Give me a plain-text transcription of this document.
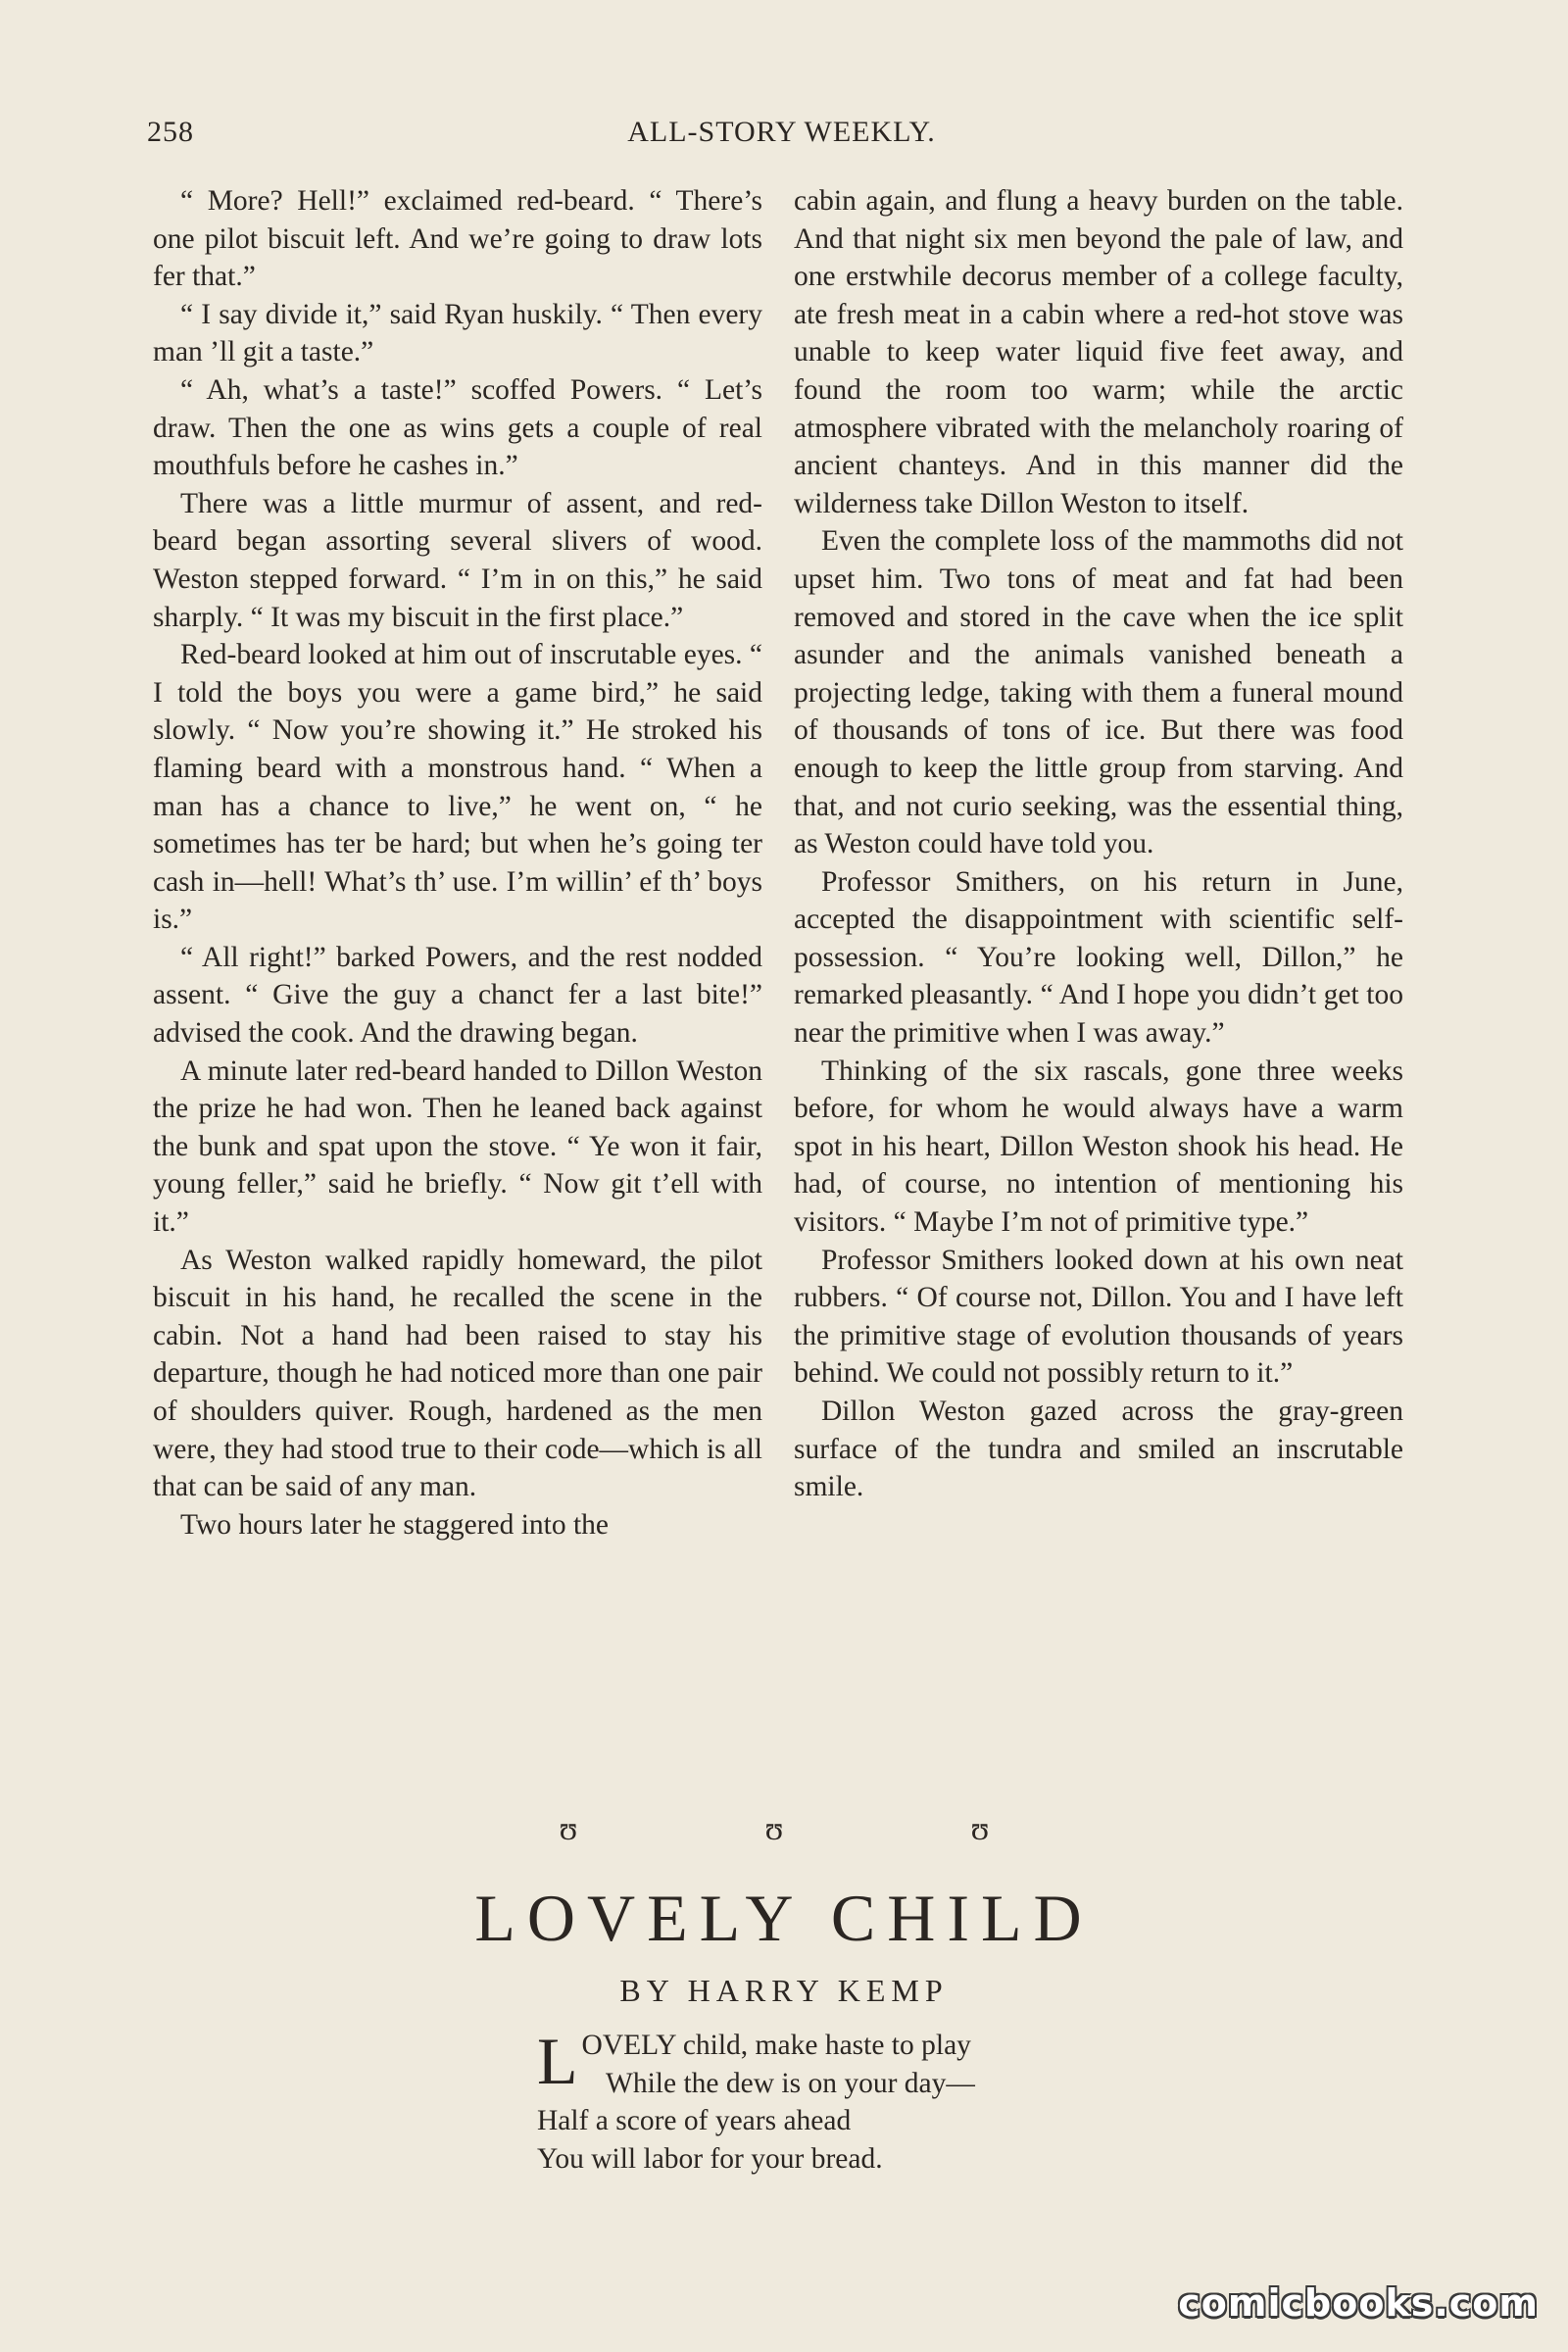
258	ALL-STORY WEEKLY.

“ More? Hell!” exclaimed red-beard. “ There’s one pilot biscuit left. And we’re going to draw lots fer that.”

“ I say divide it,” said Ryan huskily. “ Then every man ’ll git a taste.”

“ Ah, what’s a taste!” scoffed Powers. “ Let’s draw. Then the one as wins gets a couple of real mouthfuls before he cashes in.”

There was a little murmur of assent, and red-beard began assorting several slivers of wood. Weston stepped forward. “ I’m in on this,” he said sharply. “ It was my biscuit in the first place.”

Red-beard looked at him out of inscrutable eyes. “ I told the boys you were a game bird,” he said slowly. “ Now you’re showing it.” He stroked his flaming beard with a monstrous hand. “ When a man has a chance to live,” he went on, “ he sometimes has ter be hard; but when he’s going ter cash in—hell! What’s th’ use. I’m willin’ ef th’ boys is.”

“ All right!” barked Powers, and the rest nodded assent. “ Give the guy a chanct fer a last bite!” advised the cook. And the drawing began.

A minute later red-beard handed to Dillon Weston the prize he had won. Then he leaned back against the bunk and spat upon the stove. “ Ye won it fair, young feller,” said he briefly. “ Now git t’ell with it.”

As Weston walked rapidly homeward, the pilot biscuit in his hand, he recalled the scene in the cabin. Not a hand had been raised to stay his departure, though he had noticed more than one pair of shoulders quiver. Rough, hardened as the men were, they had stood true to their code—which is all that can be said of any man.

Two hours later he staggered into the

cabin again, and flung a heavy burden on the table. And that night six men beyond the pale of law, and one erstwhile decorus member of a college faculty, ate fresh meat in a cabin where a red-hot stove was unable to keep water liquid five feet away, and found the room too warm; while the arctic atmosphere vibrated with the melancholy roaring of ancient chanteys. And in this manner did the wilderness take Dillon Weston to itself.

Even the complete loss of the mammoths did not upset him. Two tons of meat and fat had been removed and stored in the cave when the ice split asunder and the animals vanished beneath a projecting ledge, taking with them a funeral mound of thousands of tons of ice. But there was food enough to keep the little group from starving. And that, and not curio seeking, was the essential thing, as Weston could have told you.

Professor Smithers, on his return in June, accepted the disappointment with scientific self-possession. “ You’re looking well, Dillon,” he remarked pleasantly. “ And I hope you didn’t get too near the primitive when I was away.”

Thinking of the six rascals, gone three weeks before, for whom he would always have a warm spot in his heart, Dillon Weston shook his head. He had, of course, no intention of mentioning his visitors. “ Maybe I’m not of primitive type.”

Professor Smithers looked down at his own neat rubbers. “ Of course not, Dillon. You and I have left the primitive stage of evolution thousands of years behind. We could not possibly return to it.”

Dillon Weston gazed across the gray-green surface of the tundra and smiled an inscrutable smile.

ʊ	ʊ	ʊ
LOVELY CHILD
BY HARRY KEMP
L OVELY child, make haste to play
While the dew is on your day—
Half a score of years ahead
You will labor for your bread.
comicbooks.com
